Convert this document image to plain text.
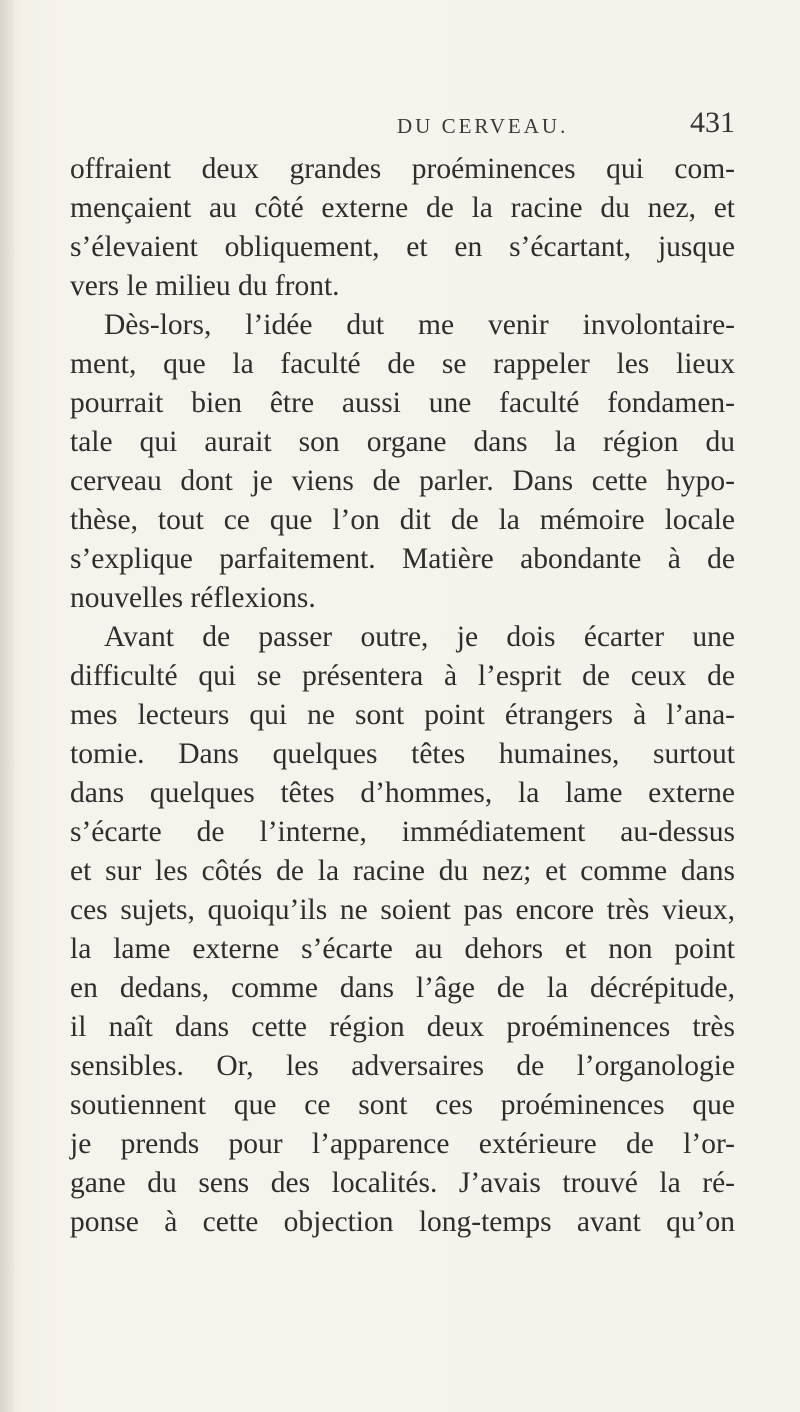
DU CERVEAU.	431
offraient deux grandes proéminences qui com-
mençaient au côté externe de la racine du nez, et
s’élevaient obliquement, et en s’écartant, jusque
vers le milieu du front.
Dès-lors, l’idée dut me venir involontaire-
ment, que la faculté de se rappeler les lieux
pourrait bien être aussi une faculté fondamen-
tale qui aurait son organe dans la région du
cerveau dont je viens de parler. Dans cette hypo-
thèse, tout ce que l’on dit de la mémoire locale
s’explique parfaitement. Matière abondante à de
nouvelles réflexions.
Avant de passer outre, je dois écarter une
difficulté qui se présentera à l’esprit de ceux de
mes lecteurs qui ne sont point étrangers à l’ana-
tomie. Dans quelques têtes humaines, surtout
dans quelques têtes d’hommes, la lame externe
s’écarte de l’interne, immédiatement au-dessus
et sur les côtés de la racine du nez; et comme dans
ces sujets, quoiqu’ils ne soient pas encore très vieux,
la lame externe s’écarte au dehors et non point
en dedans, comme dans l’âge de la décrépitude,
il naît dans cette région deux proéminences très
sensibles. Or, les adversaires de l’organologie
soutiennent que ce sont ces proéminences que
je prends pour l’apparence extérieure de l’or-
gane du sens des localités. J’avais trouvé la ré-
ponse à cette objection long-temps avant qu’on
